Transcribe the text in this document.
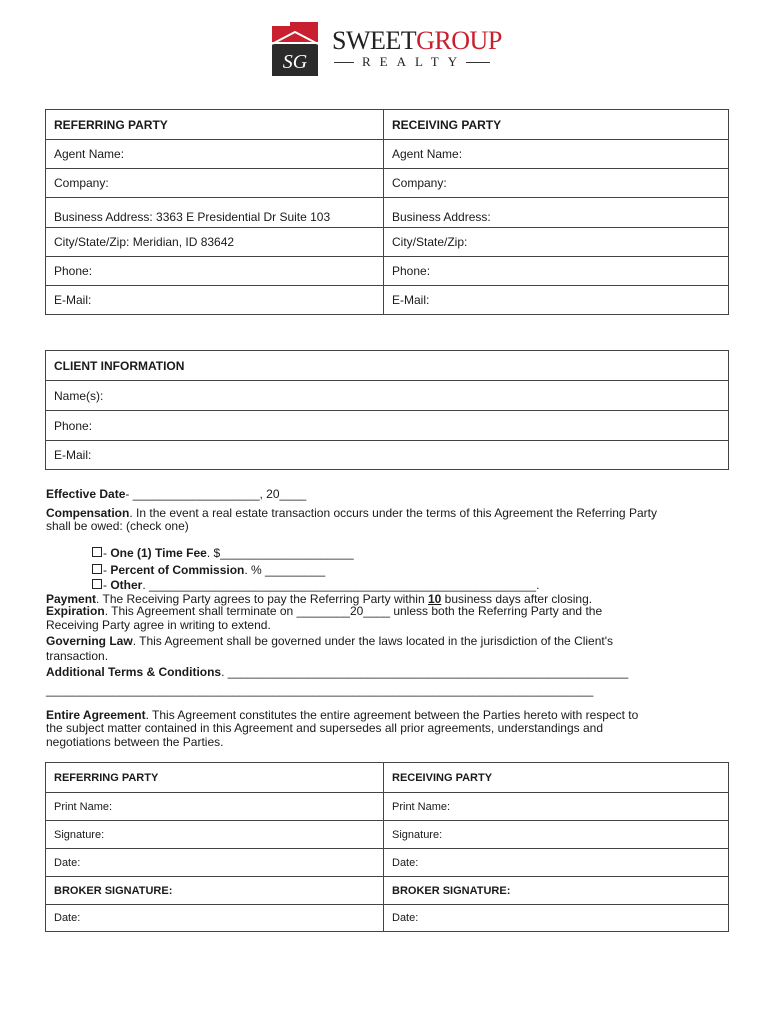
SG
SWEETGROUP
REALTY
REFERRING PARTY	RECEIVING PARTY
Agent Name:	Agent Name:
Company:	Company:
Business Address: 3363 E Presidential Dr Suite 103	Business Address:
City/State/Zip: Meridian, ID 83642	City/State/Zip:
Phone:	Phone:
E-Mail:	E-Mail:
CLIENT INFORMATION
Name(s):
Phone:
E-Mail:
Effective Date- ___________________, 20____
Compensation. In the event a real estate transaction occurs under the terms of this Agreement the Referring Party
shall be owed: (check one)
- One (1) Time Fee. $____________________
- Percent of Commission. % _________
- Other. __________________________________________________________.
Payment. The Receiving Party agrees to pay the Referring Party within 10 business days after closing.
Expiration. This Agreement shall terminate on ________20____ unless both the Referring Party and the
Receiving Party agree in writing to extend.
Governing Law. This Agreement shall be governed under the laws located in the jurisdiction of the Client's
transaction.
Additional Terms & Conditions. ____________________________________________________________
__________________________________________________________________________________
Entire Agreement. This Agreement constitutes the entire agreement between the Parties hereto with respect to
the subject matter contained in this Agreement and supersedes all prior agreements, understandings and
negotiations between the Parties.
REFERRING PARTY	RECEIVING PARTY
Print Name:	Print Name:
Signature:	Signature:
Date:	Date:
BROKER SIGNATURE:	BROKER SIGNATURE:
Date:	Date:
